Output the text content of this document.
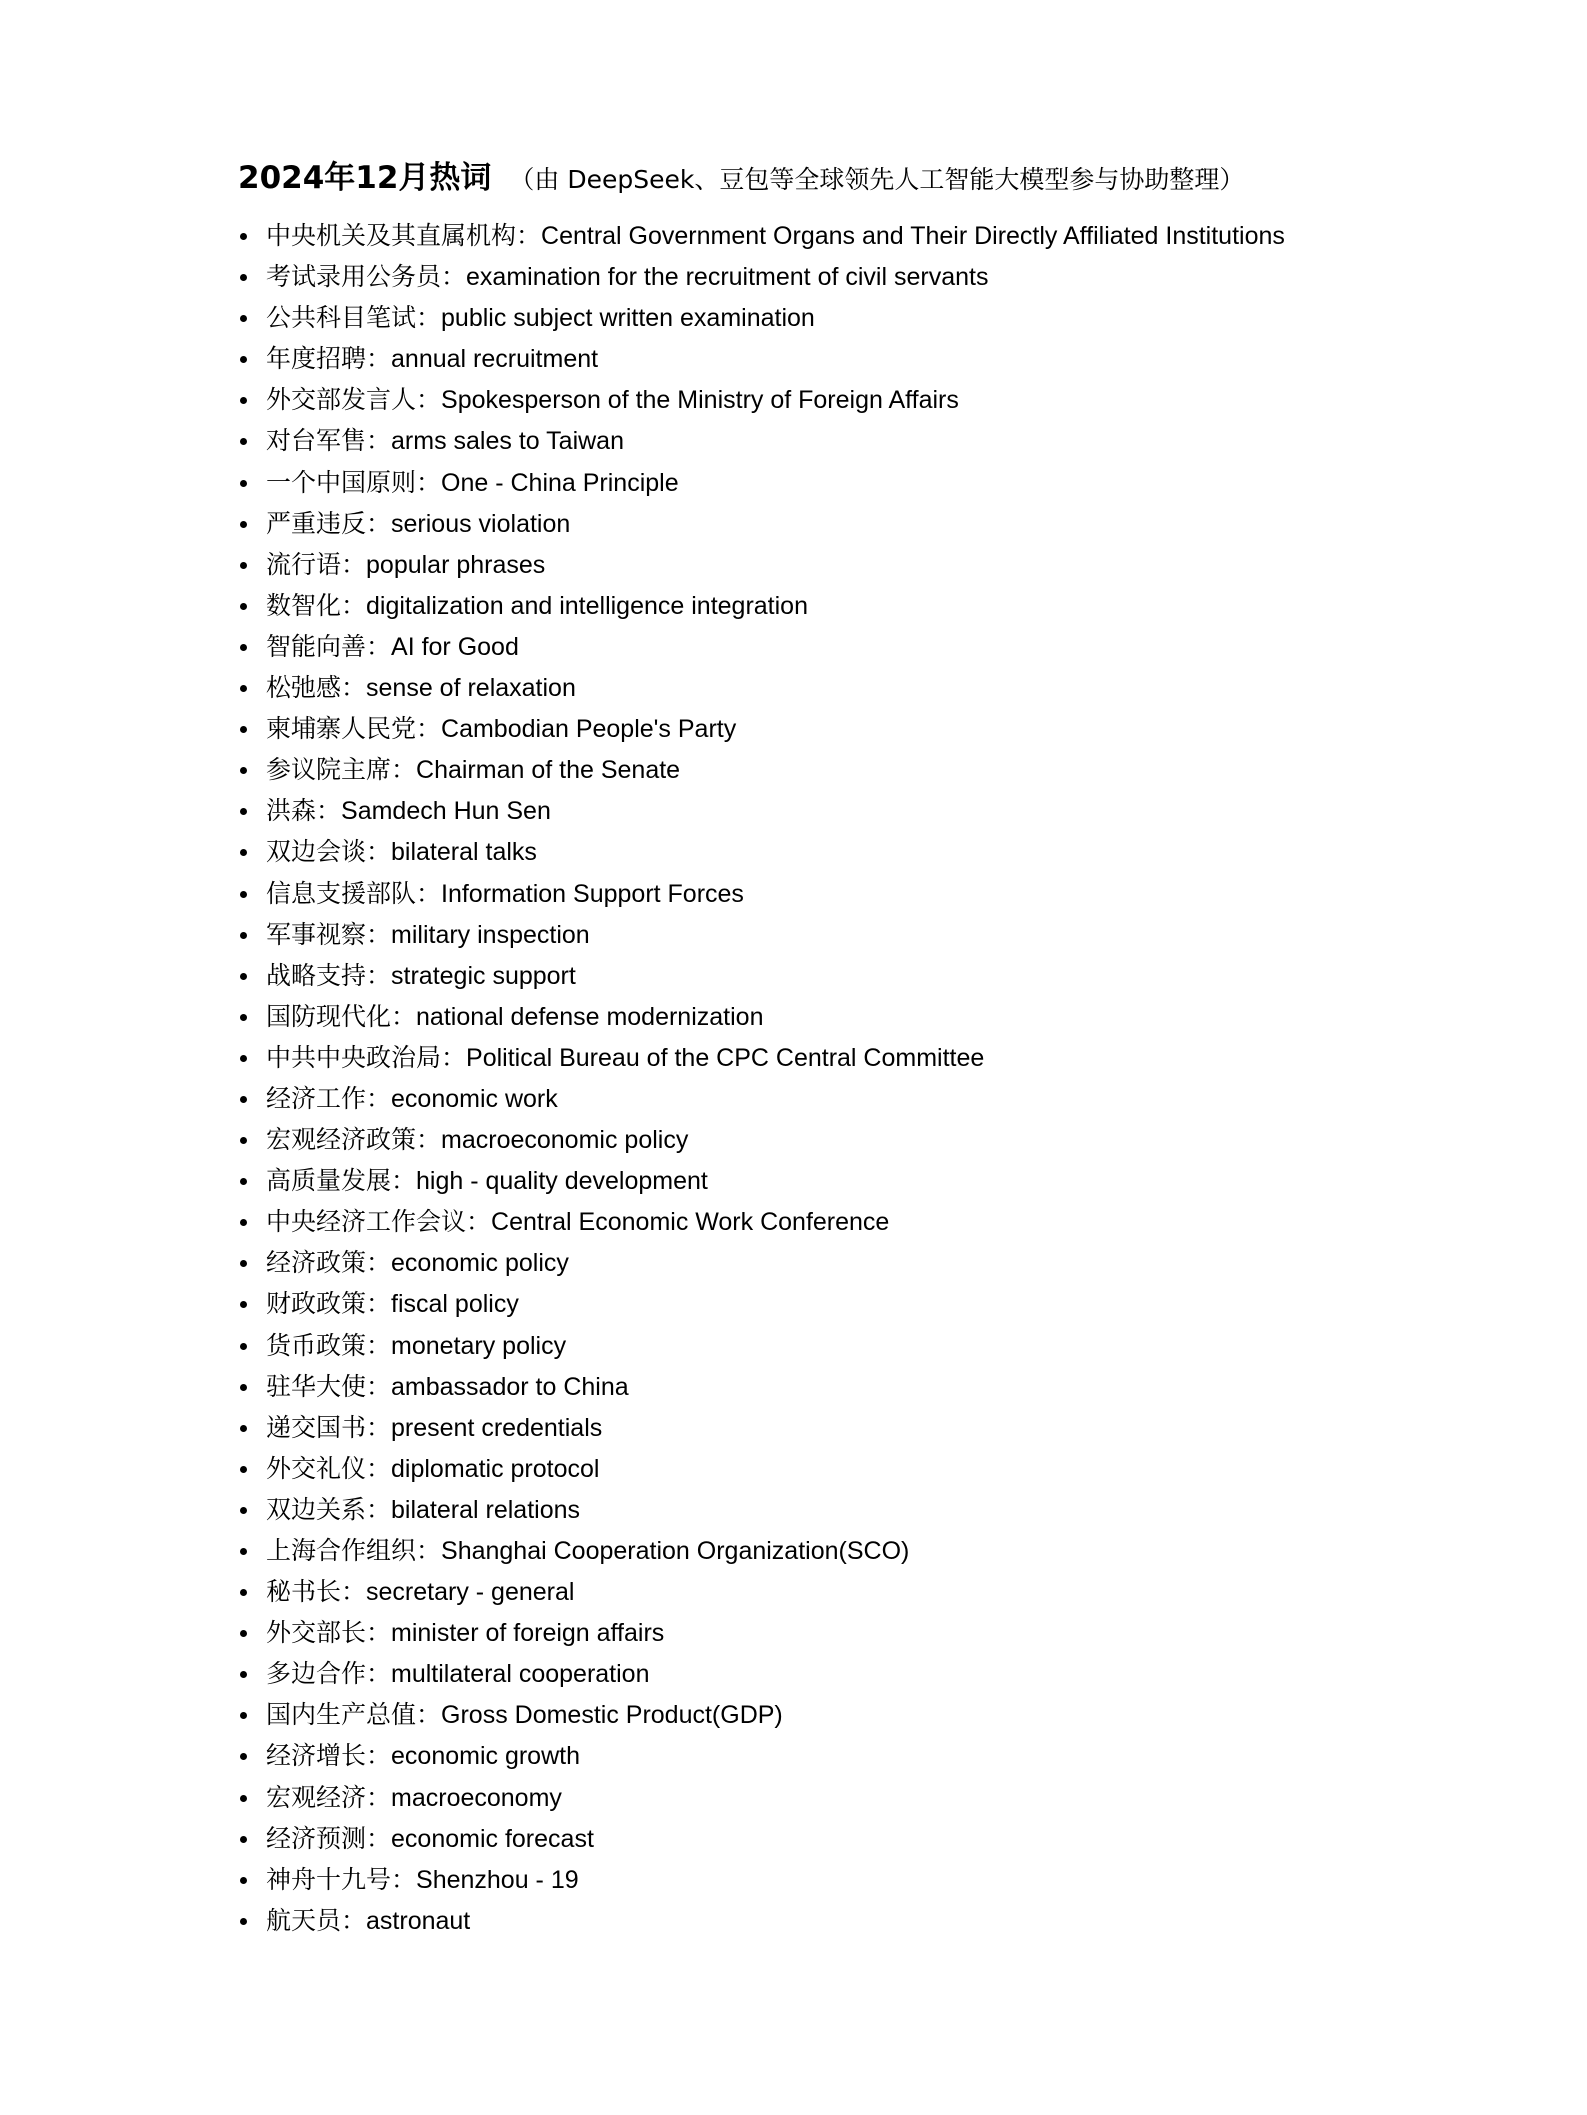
2024年12月热词 （由 DeepSeek、豆包等全球领先人工智能大模型参与协助整理）
中央机关及其直属机构：Central Government Organs and Their Directly Affiliated Institutions
考试录用公务员：examination for the recruitment of civil servants
公共科目笔试：public subject written examination
年度招聘：annual recruitment
外交部发言人：Spokesperson of the Ministry of Foreign Affairs
对台军售：arms sales to Taiwan
一个中国原则：One - China Principle
严重违反：serious violation
流行语：popular phrases
数智化：digitalization and intelligence integration
智能向善：AI for Good
松弛感：sense of relaxation
柬埔寨人民党：Cambodian People's Party
参议院主席：Chairman of the Senate
洪森：Samdech Hun Sen
双边会谈：bilateral talks
信息支援部队：Information Support Forces
军事视察：military inspection
战略支持：strategic support
国防现代化：national defense modernization
中共中央政治局：Political Bureau of the CPC Central Committee
经济工作：economic work
宏观经济政策：macroeconomic policy
高质量发展：high - quality development
中央经济工作会议：Central Economic Work Conference
经济政策：economic policy
财政政策：fiscal policy
货币政策：monetary policy
驻华大使：ambassador to China
递交国书：present credentials
外交礼仪：diplomatic protocol
双边关系：bilateral relations
上海合作组织：Shanghai Cooperation Organization(SCO)
秘书长：secretary - general
外交部长：minister of foreign affairs
多边合作：multilateral cooperation
国内生产总值：Gross Domestic Product(GDP)
经济增长：economic growth
宏观经济：macroeconomy
经济预测：economic forecast
神舟十九号：Shenzhou - 19
航天员：astronaut
